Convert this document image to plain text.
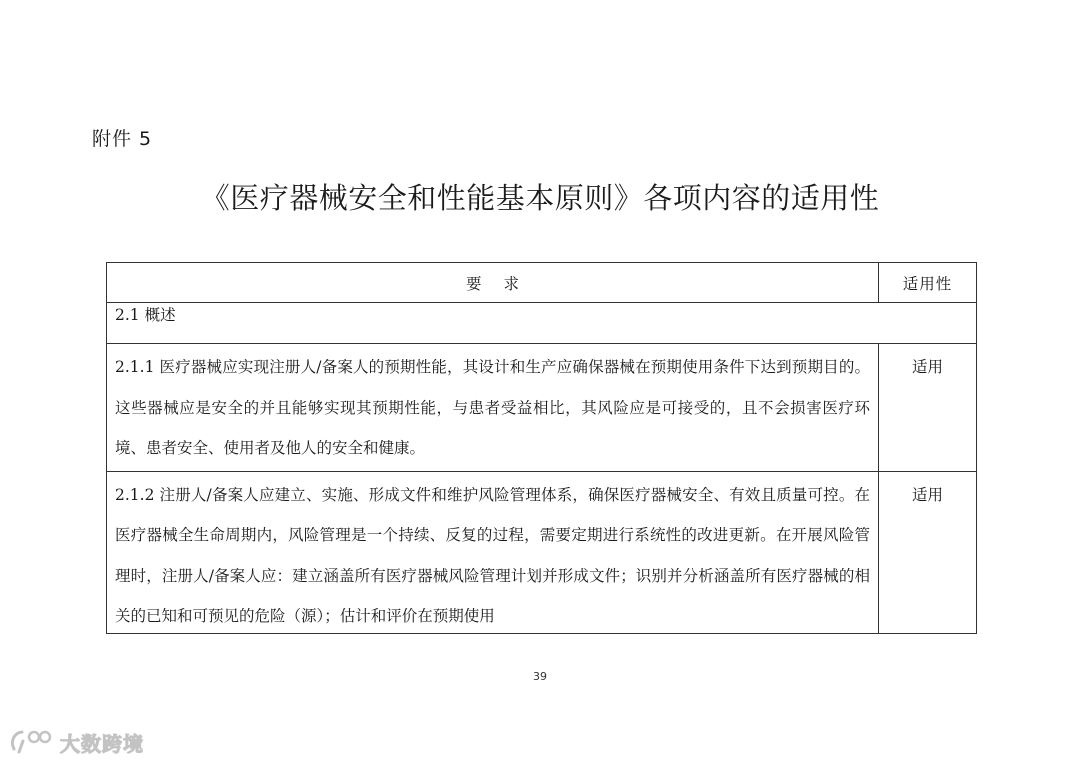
附件 5
《医疗器械安全和性能基本原则》各项内容的适用性
要求	适用性
2.1 概述	
2.1.1 医疗器械应实现注册人/备案人的预期性能，其设计和生产应确保器械在预期使用条件下达到预期目的。这些器械应是安全的并且能够实现其预期性能，与患者受益相比，其风险应是可接受的，且不会损害医疗环境、患者安全、使用者及他人的安全和健康。	适用

2.1.2 注册人/备案人应建立、实施、形成文件和维护风险管理体系，确保医疗器械安全、有效且质量可控。在医疗器械全生命周期内，风险管理是一个持续、反复的过程，需要定期进行系统性的改进更新。在开展风险管理时，注册人/备案人应：建立涵盖所有医疗器械风险管理计划并形成文件；识别并分析涵盖所有医疗器械的相关的已知和可预见的危险（源）；估计和评价在预期使用	适用
39
大数跨境
